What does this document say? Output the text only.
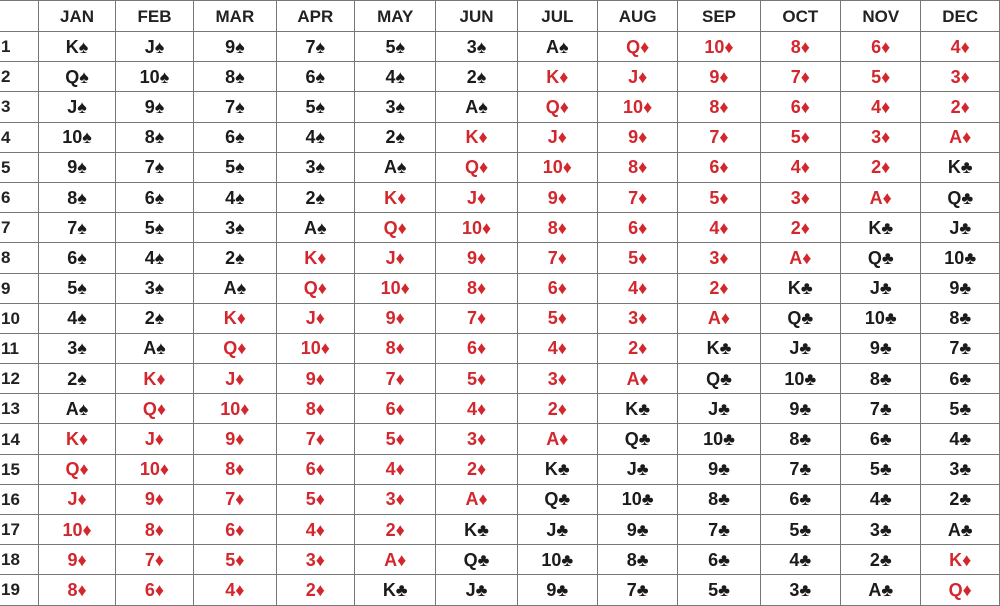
	JAN	FEB	MAR	APR	MAY	JUN	JUL	AUG	SEP	OCT	NOV	DEC
1	K♠	J♠	9♠	7♠	5♠	3♠	A♠	Q♦	10♦	8♦	6♦	4♦
2	Q♠	10♠	8♠	6♠	4♠	2♠	K♦	J♦	9♦	7♦	5♦	3♦
3	J♠	9♠	7♠	5♠	3♠	A♠	Q♦	10♦	8♦	6♦	4♦	2♦
4	10♠	8♠	6♠	4♠	2♠	K♦	J♦	9♦	7♦	5♦	3♦	A♦
5	9♠	7♠	5♠	3♠	A♠	Q♦	10♦	8♦	6♦	4♦	2♦	K♣
6	8♠	6♠	4♠	2♠	K♦	J♦	9♦	7♦	5♦	3♦	A♦	Q♣
7	7♠	5♠	3♠	A♠	Q♦	10♦	8♦	6♦	4♦	2♦	K♣	J♣
8	6♠	4♠	2♠	K♦	J♦	9♦	7♦	5♦	3♦	A♦	Q♣	10♣
9	5♠	3♠	A♠	Q♦	10♦	8♦	6♦	4♦	2♦	K♣	J♣	9♣
10	4♠	2♠	K♦	J♦	9♦	7♦	5♦	3♦	A♦	Q♣	10♣	8♣
11	3♠	A♠	Q♦	10♦	8♦	6♦	4♦	2♦	K♣	J♣	9♣	7♣
12	2♠	K♦	J♦	9♦	7♦	5♦	3♦	A♦	Q♣	10♣	8♣	6♣
13	A♠	Q♦	10♦	8♦	6♦	4♦	2♦	K♣	J♣	9♣	7♣	5♣
14	K♦	J♦	9♦	7♦	5♦	3♦	A♦	Q♣	10♣	8♣	6♣	4♣
15	Q♦	10♦	8♦	6♦	4♦	2♦	K♣	J♣	9♣	7♣	5♣	3♣
16	J♦	9♦	7♦	5♦	3♦	A♦	Q♣	10♣	8♣	6♣	4♣	2♣
17	10♦	8♦	6♦	4♦	2♦	K♣	J♣	9♣	7♣	5♣	3♣	A♣
18	9♦	7♦	5♦	3♦	A♦	Q♣	10♣	8♣	6♣	4♣	2♣	K♦
19	8♦	6♦	4♦	2♦	K♣	J♣	9♣	7♣	5♣	3♣	A♣	Q♦
